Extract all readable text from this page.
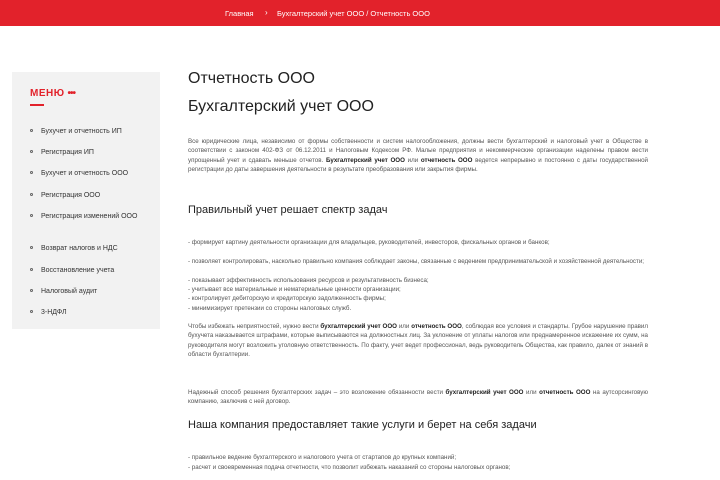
Главная › Бухгалтерский учет ООО / Отчетность ООО
МЕНЮ •••
Бухучет и отчетность ИП
Регистрация ИП
Бухучет и отчетность ООО
Регистрация ООО
Регистрация изменений ООО
Возврат налогов и НДС
Восстановление учета
Налоговый аудит
3-НДФЛ
Отчетность ООО
Бухгалтерский учет ООО

Все юридические лица, независимо от формы собственности и систем налогообложения, должны вести бухгалтерский и налоговый учет в Обществе в соответствии с законом 402-ФЗ от 06.12.2011 и Налоговым Кодексом РФ. Малые предприятия и некоммерческие организации наделены правом вести упрощенный учет и сдавать меньше отчетов. Бухгалтерский учет ООО или отчетность ООО ведется непрерывно и постоянно с даты государственной регистрации до даты завершения деятельности в результате преобразования или закрытия фирмы.

Правильный учет решает спектр задач
- формирует картину деятельности организации для владельцев, руководителей, инвесторов, фискальных органов и банков;
- позволяет контролировать, насколько правильно компания соблюдает законы, связанные с ведением предпринимательской и хозяйственной деятельности;
- показывает эффективность использования ресурсов и результативность бизнеса;
- учитывает все материальные и нематериальные ценности организации;
- контролирует дебиторскую и кредиторскую задолженность фирмы;
- минимизирует претензии со стороны налоговых служб.

Чтобы избежать неприятностей, нужно вести бухгалтерский учет ООО или отчетность ООО, соблюдая все условия и стандарты. Грубое нарушение правил бухучета наказывается штрафами, которые выписываются на должностных лиц. За уклонение от уплаты налогов или преднамеренное искажение их сумм, на руководителя могут возложить уголовную ответственность. По факту, учет ведет профессионал, ведь руководитель Общества, как правило, далек от знаний в области бухгалтерии.

Надежный способ решения бухгалтерских задач – это возложение обязанности вести бухгалтерский учет ООО или отчетность ООО на аутсорсинговую компанию, заключив с ней договор.

Наша компания предоставляет такие услуги и берет на себя задачи
- правильное ведение бухгалтерского и налогового учета от стартапов до крупных компаний;
- расчет и своевременная подача отчетности, что позволит избежать наказаний со стороны налоговых органов;
